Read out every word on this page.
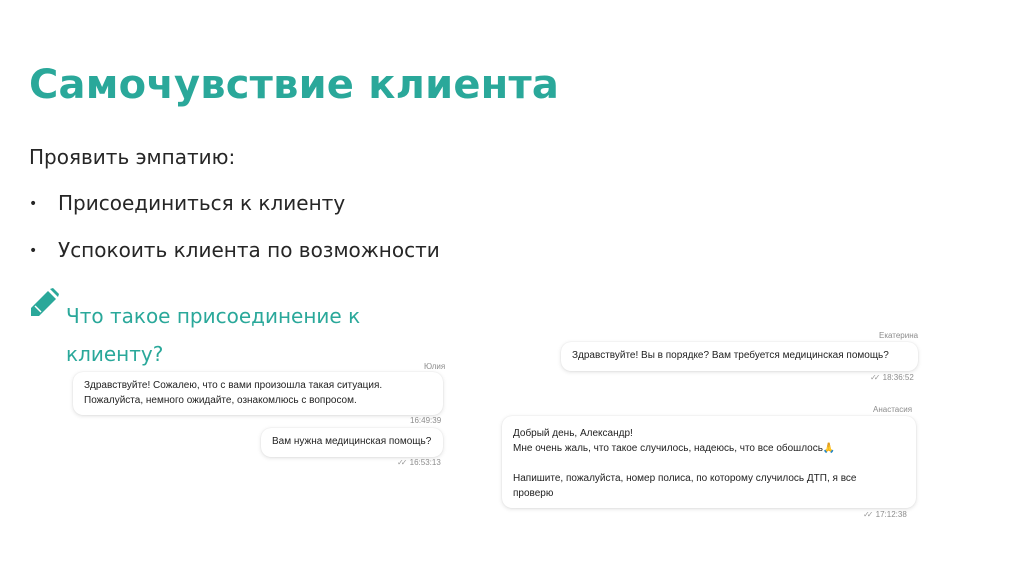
Самочувствие клиента
Проявить эмпатию:
• Присоединиться к клиенту
• Успокоить клиента по возможности
Что такое присоединение к клиенту?
Юлия
Здравствуйте! Сожалею, что с вами произошла такая ситуация.
Пожалуйста, немного ожидайте, ознакомлюсь с вопросом.
16:49:39
Вам нужна медицинская помощь?
✓✓ 16:53:13
Екатерина
Здравствуйте! Вы в порядке? Вам требуется медицинская помощь?
✓✓ 18:36:52
Анастасия
Добрый день, Александр!
Мне очень жаль, что такое случилось, надеюсь, что все обошлось🙏
Напишите, пожалуйста, номер полиса, по которому случилось ДТП, я все
проверю
✓✓ 17:12:38
